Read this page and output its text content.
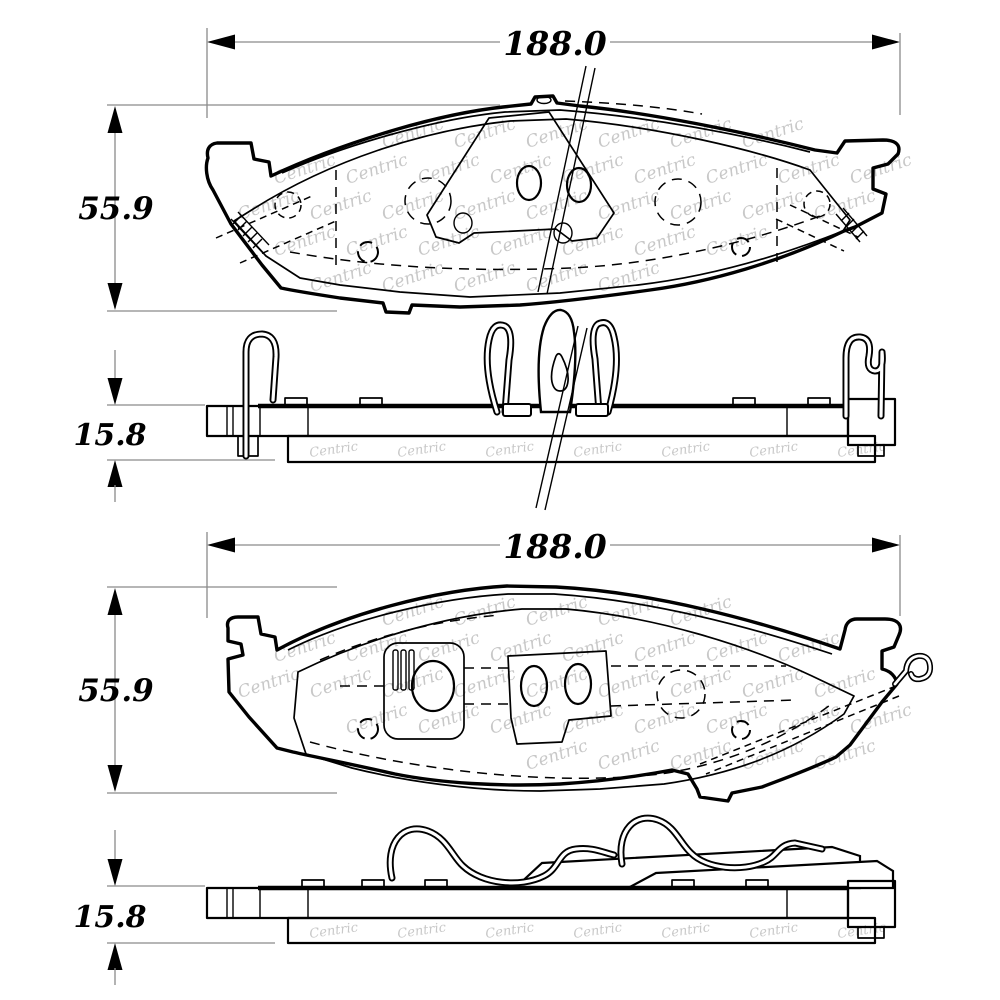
Centric Centric Centric Centric Centric Centric
Centric Centric Centric Centric Centric Centric Centric Centric Centric
Centric Centric Centric Centric Centric Centric Centric Centric Centric
Centric Centric Centric Centric Centric Centric Centric
Centric Centric Centric Centric Centric
Centric Centric Centric Centric Centric
Centric Centric Centric Centric Centric Centric Centric Centric
Centric Centric Centric Centric Centric Centric Centric Centric Centric
Centric Centric Centric Centric Centric Centric Centric Centric
Centric Centric Centric Centric Centric
Centric	Centric	Centric	Centric	Centric	Centric	Centric
Centric	Centric	Centric	Centric	Centric	Centric	Centric
188.0
55.9
15.8
188.0
55.9
15.8
